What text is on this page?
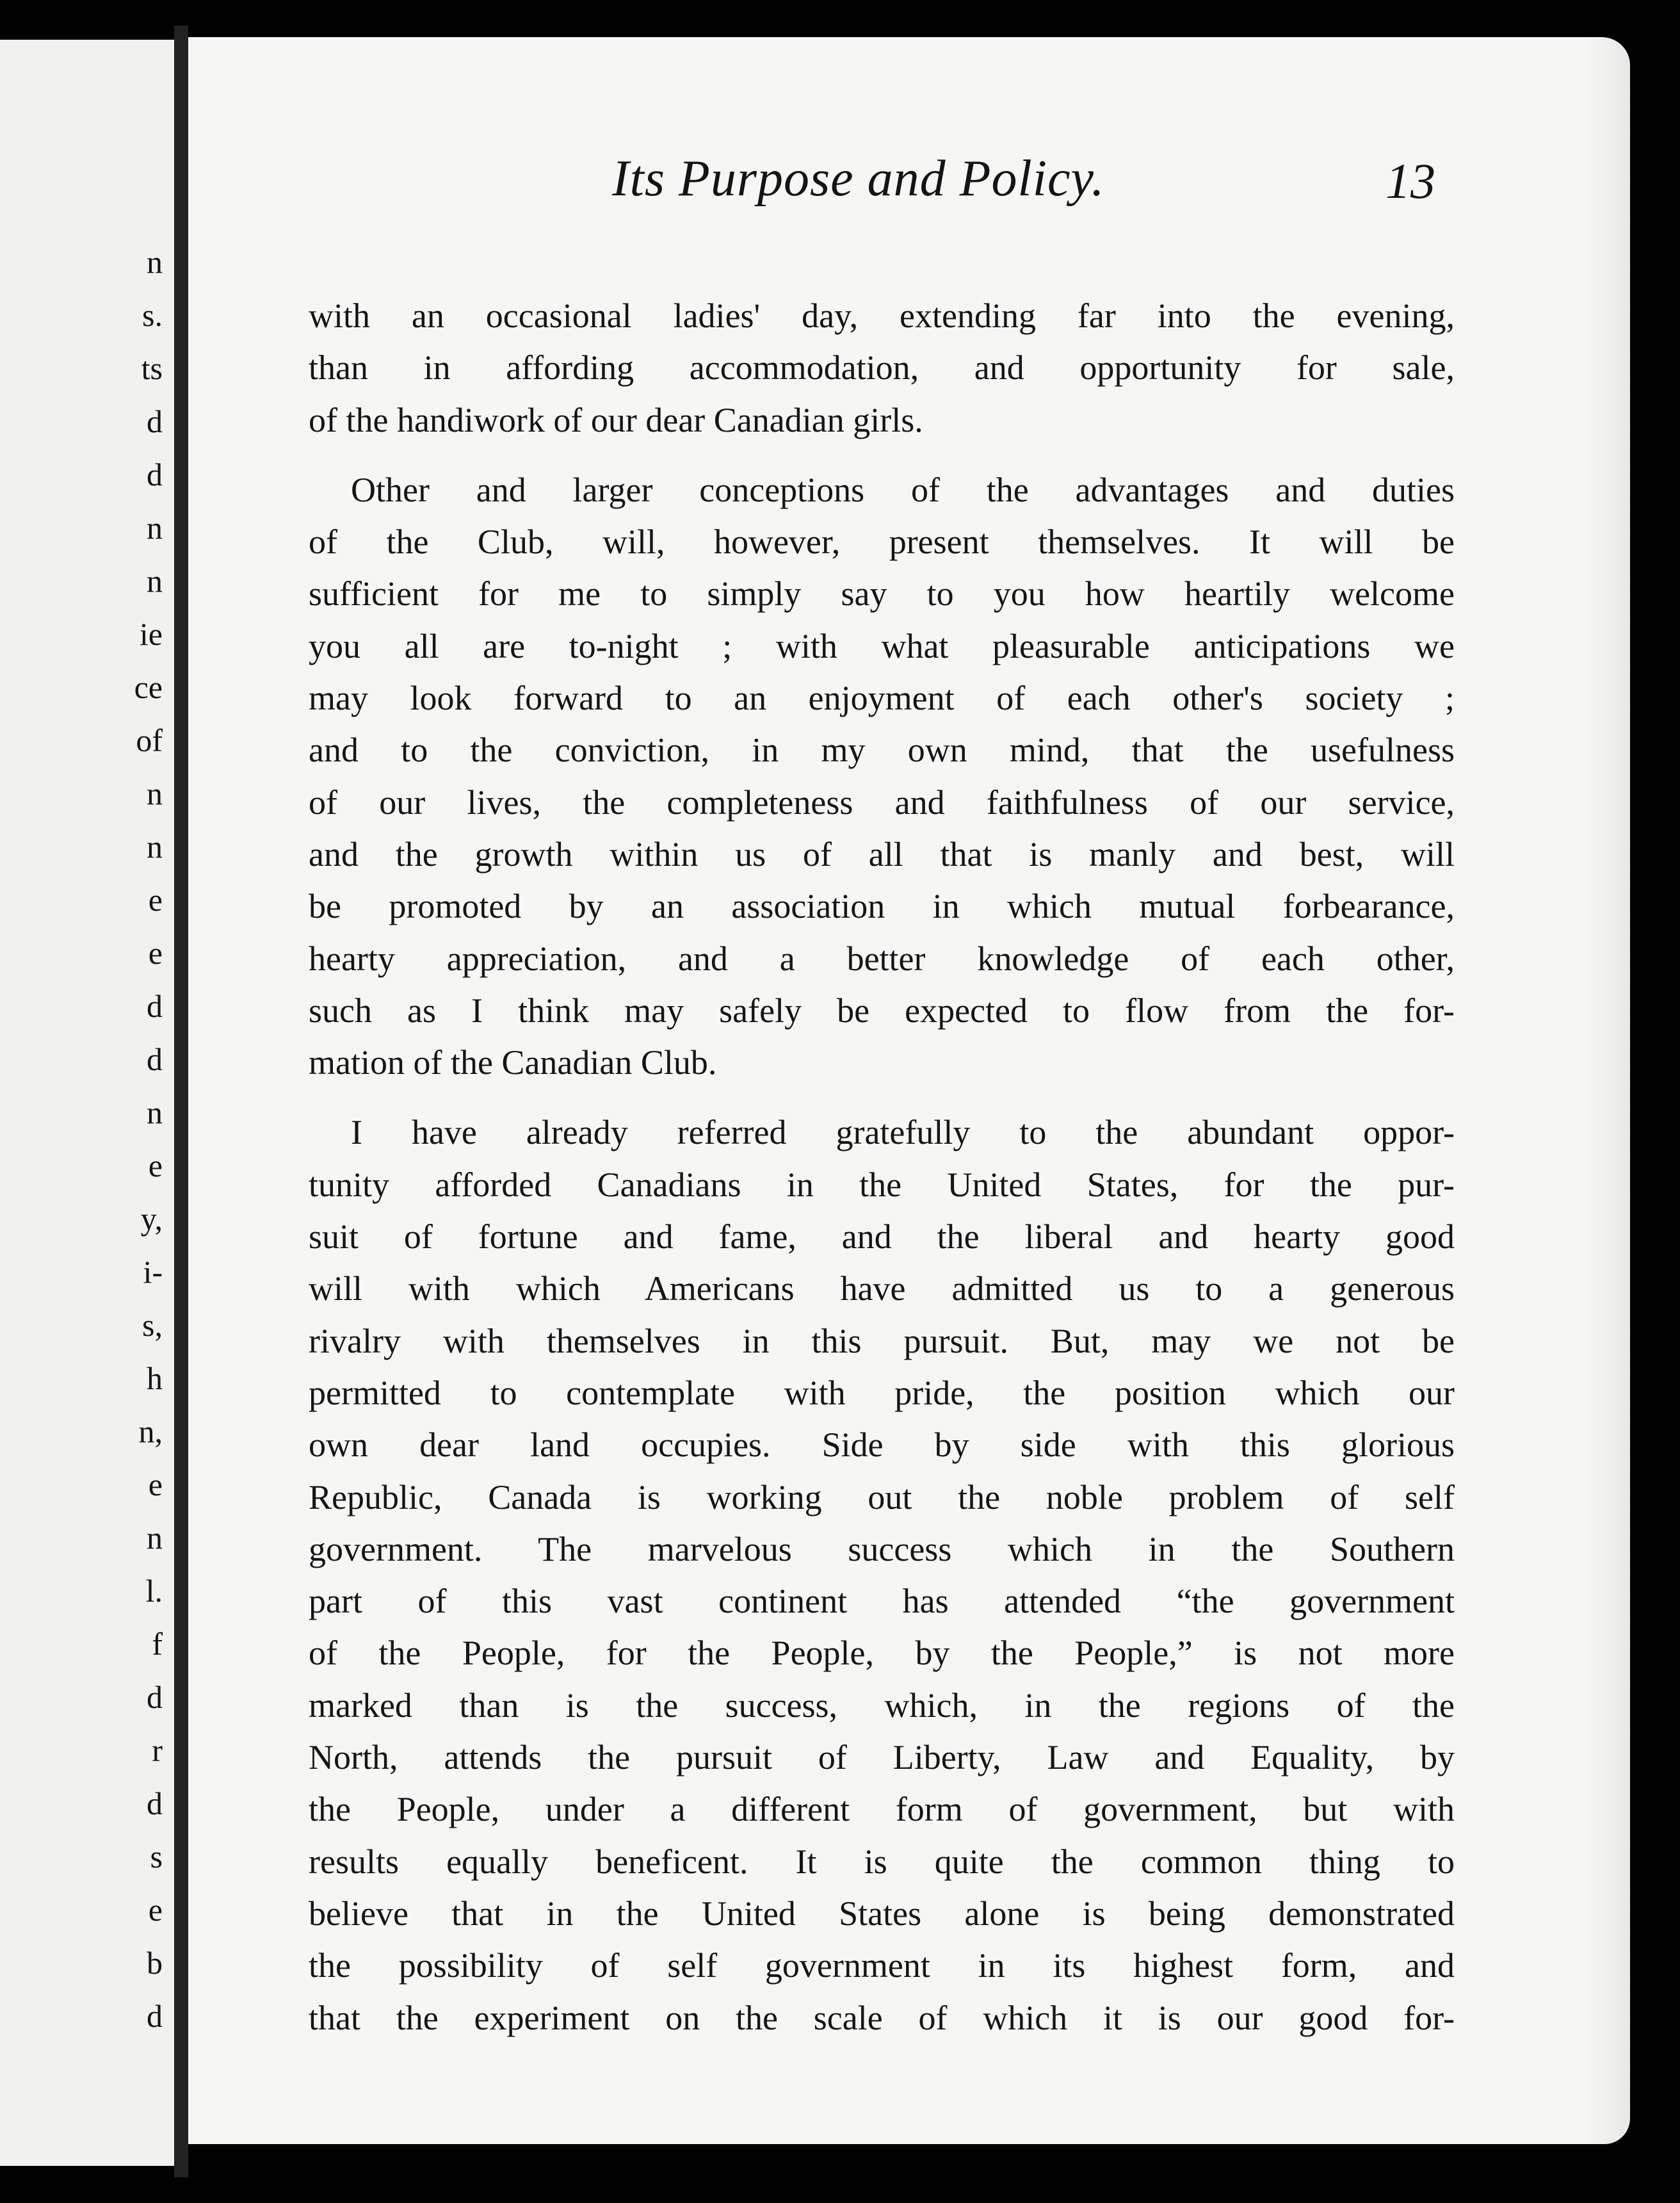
n
s.
ts
d
d
n
n
ie
ce
of
n
n
e
e
d
d
n
e
y,
i-
s,
h
n,
e
n
l.
f
d
r
d
s
e
b
d
Its Purpose and Policy.	13
with an occasional ladies' day, extending far into the evening,
than in affording accommodation, and opportunity for sale,
of the handiwork of our dear Canadian girls.
Other and larger conceptions of the advantages and duties
of the Club, will, however, present themselves. It will be
sufficient for me to simply say to you how heartily welcome
you all are to-night ; with what pleasurable anticipations we
may look forward to an enjoyment of each other's society ;
and to the conviction, in my own mind, that the usefulness
of our lives, the completeness and faithfulness of our service,
and the growth within us of all that is manly and best, will
be promoted by an association in which mutual forbearance,
hearty appreciation, and a better knowledge of each other,
such as I think may safely be expected to flow from the for-
mation of the Canadian Club.
I have already referred gratefully to the abundant oppor-
tunity afforded Canadians in the United States, for the pur-
suit of fortune and fame, and the liberal and hearty good
will with which Americans have admitted us to a generous
rivalry with themselves in this pursuit. But, may we not be
permitted to contemplate with pride, the position which our
own dear land occupies. Side by side with this glorious
Republic, Canada is working out the noble problem of self
government. The marvelous success which in the Southern
part of this vast continent has attended “the government
of the People, for the People, by the People,” is not more
marked than is the success, which, in the regions of the
North, attends the pursuit of Liberty, Law and Equality, by
the People, under a different form of government, but with
results equally beneficent. It is quite the common thing to
believe that in the United States alone is being demonstrated
the possibility of self government in its highest form, and
that the experiment on the scale of which it is our good for-
